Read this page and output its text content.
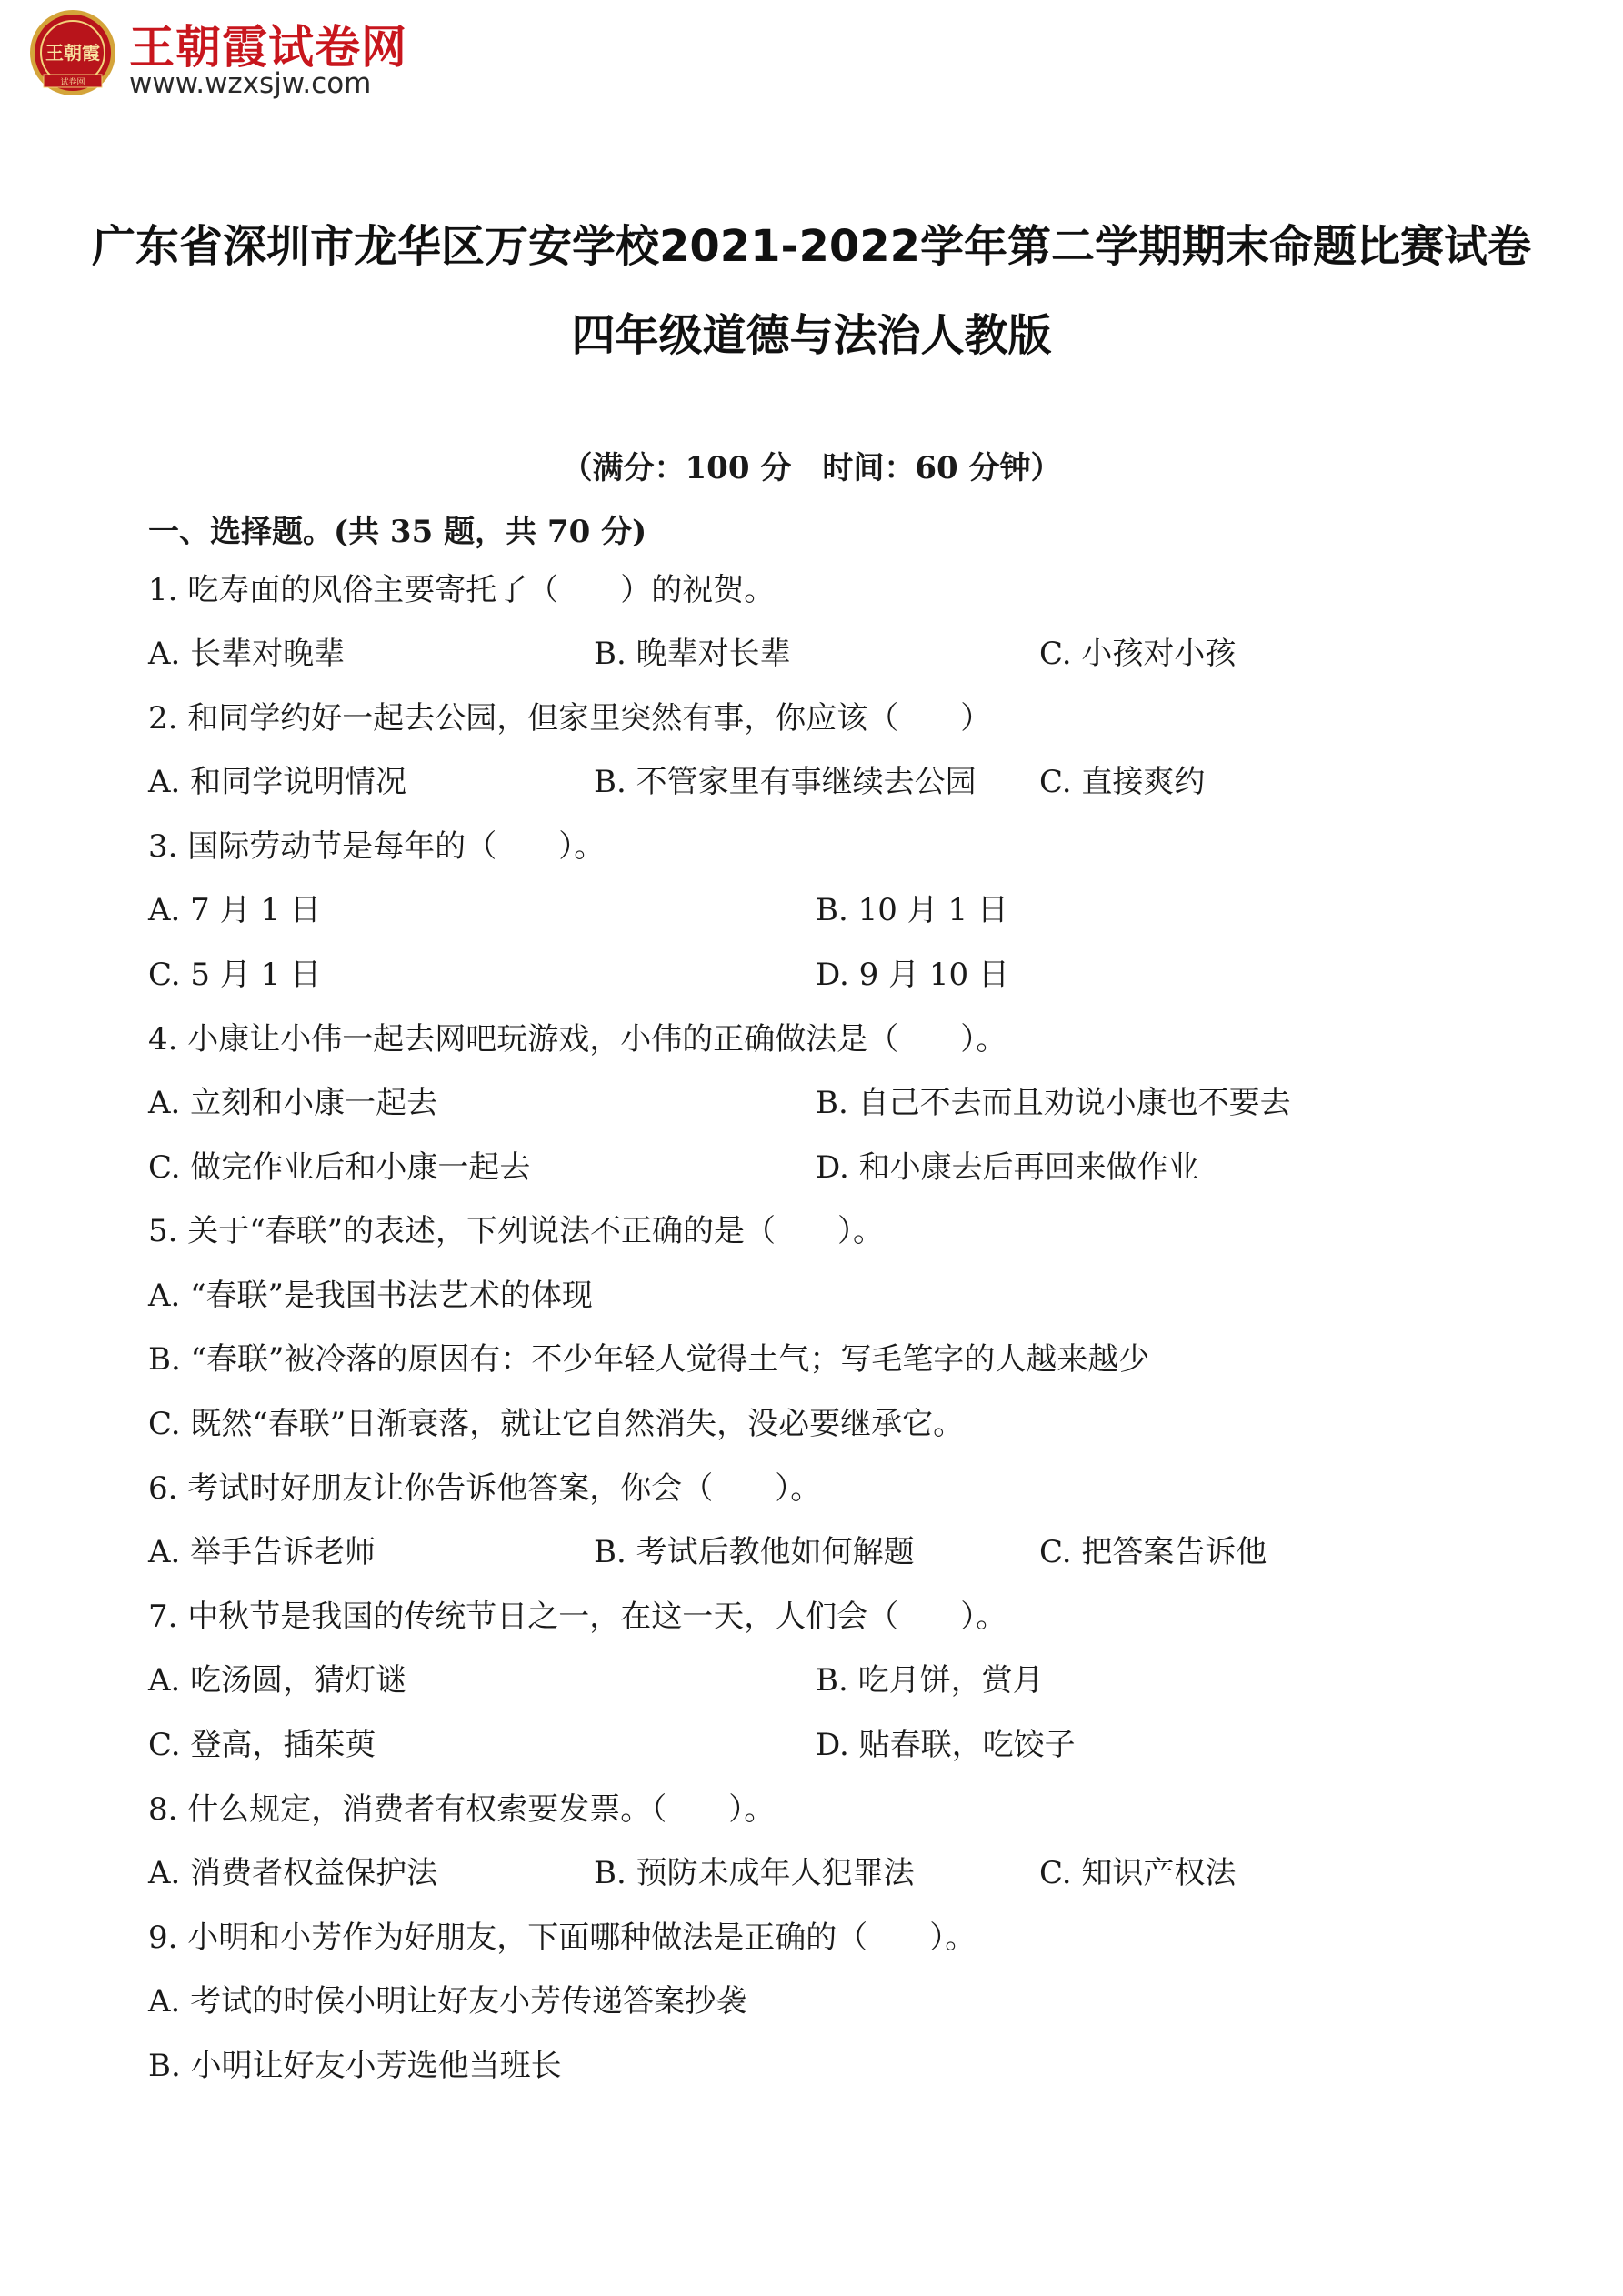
王朝霞
试卷网
王朝霞试卷网
www.wzxsjw.com
广东省深圳市龙华区万安学校2021-2022学年第二学期期末命题比赛试卷
四年级道德与法治人教版
（满分：100 分　时间：60 分钟）
一、选择题。(共 35 题，共 70 分)
1. 吃寿面的风俗主要寄托了（　　）的祝贺。
A. 长辈对晚辈	B. 晚辈对长辈	C. 小孩对小孩
2. 和同学约好一起去公园，但家里突然有事，你应该（　　）
A. 和同学说明情况	B. 不管家里有事继续去公园 C. 直接爽约
3. 国际劳动节是每年的（　　）。
A. 7 月 1 日	B. 10 月 1 日
C. 5 月 1 日	D. 9 月 10 日
4. 小康让小伟一起去网吧玩游戏，小伟的正确做法是（　　）。
A. 立刻和小康一起去	B. 自己不去而且劝说小康也不要去
C. 做完作业后和小康一起去	D. 和小康去后再回来做作业
5. 关于“春联”的表述，下列说法不正确的是（　　）。
A. “春联”是我国书法艺术的体现
B. “春联”被冷落的原因有：不少年轻人觉得土气；写毛笔字的人越来越少
C. 既然“春联”日渐衰落，就让它自然消失，没必要继承它。
6. 考试时好朋友让你告诉他答案，你会（　　）。
A. 举手告诉老师	B. 考试后教他如何解题	C. 把答案告诉他
7. 中秋节是我国的传统节日之一，在这一天，人们会（　　）。
A. 吃汤圆，猜灯谜	B. 吃月饼，赏月
C. 登高，插茱萸	D. 贴春联，吃饺子
8. 什么规定，消费者有权索要发票。（　　）。
A. 消费者权益保护法	B. 预防未成年人犯罪法	C. 知识产权法
9. 小明和小芳作为好朋友，下面哪种做法是正确的（　　）。
A. 考试的时侯小明让好友小芳传递答案抄袭
B. 小明让好友小芳选他当班长
